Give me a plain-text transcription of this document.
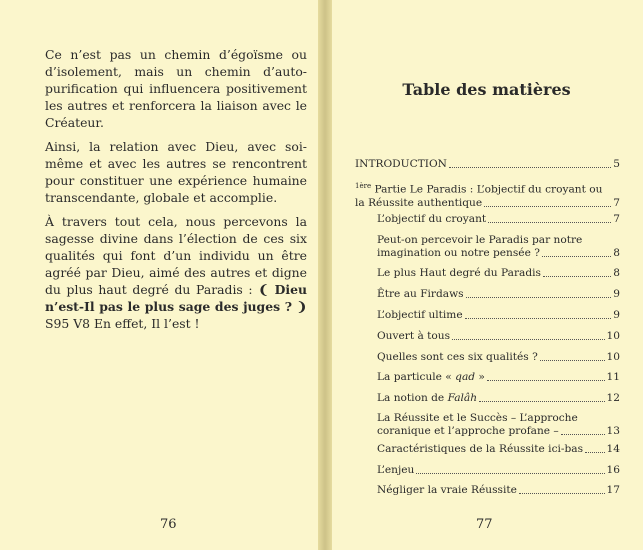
Ce n’est pas un chemin d’égoïsme ou d’isolement, mais un chemin d’auto-purification qui influencera positivement les autres et renforcera la liaison avec le Créateur.

Ainsi, la relation avec Dieu, avec soi-même et avec les autres se rencontrent pour constituer une expérience humaine transcendante, globale et accomplie.

À travers tout cela, nous percevons la sagesse divine dans l’élection de ces six qualités qui font d’un individu un être agréé par Dieu, aimé des autres et digne du plus haut degré du Paradis : ❨ Dieu n’est-Il pas le plus sage des juges ? ❩ S95 V8 En effet, Il l’est !

76
Table des matières
INTRODUCTION	5
$^{1ère}$ Partie Le Paradis : L’objectif du croyant ou
la Réussite authentique	7
L’objectif du croyant	7
Peut-on percevoir le Paradis par notre
imagination ou notre pensée ?	8
Le plus Haut degré du Paradis	8
Être au Firdaws	9
L’objectif ultime	9
Ouvert à tous	10
Quelles sont ces six qualités ?	10
La particule « qad »	11
La notion de Falâh	12
La Réussite et le Succès – L’approche
coranique et l’approche profane –	13
Caractéristiques de la Réussite ici-bas 14
L’enjeu	16
Négliger la vraie Réussite	17
77
